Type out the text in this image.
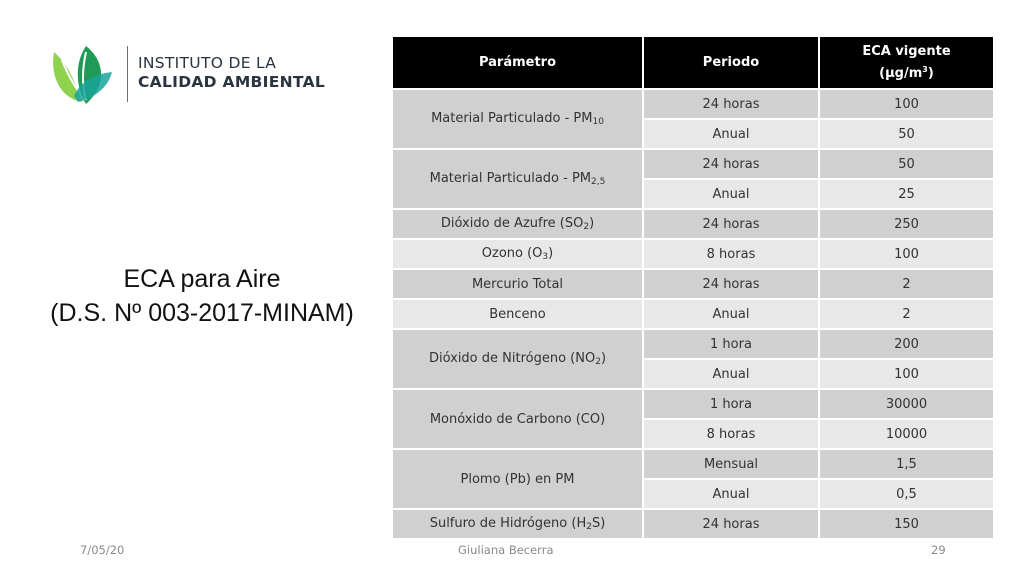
INSTITUTO DE LA
CALIDAD AMBIENTAL
ECA para Aire
(D.S. Nº 003-2017-MINAM)
Parámetro	Periodo	ECA vigente
$(\mu g/m^3)$
Material Particulado - $PM_{10}$	24 horas	100
	Anual	50
Material Particulado - $PM_{2,5}$	24 horas	50
	Anual	25
Dióxido de Azufre $(SO_2)$	24 horas	250
Ozono $(O_3)$	8 horas	100
Mercurio Total	24 horas	2
Benceno	Anual	2
Dióxido de Nitrógeno $(NO_2)$	1 hora	200
	Anual	100
Monóxido de Carbono (CO)	1 hora	30000
	8 horas	10000
Plomo (Pb) en PM	Mensual	1,5
	Anual	0,5
Sulfuro de Hidrógeno $(H_2S)$	24 horas	150
7/05/20	Giuliana Becerra	29
